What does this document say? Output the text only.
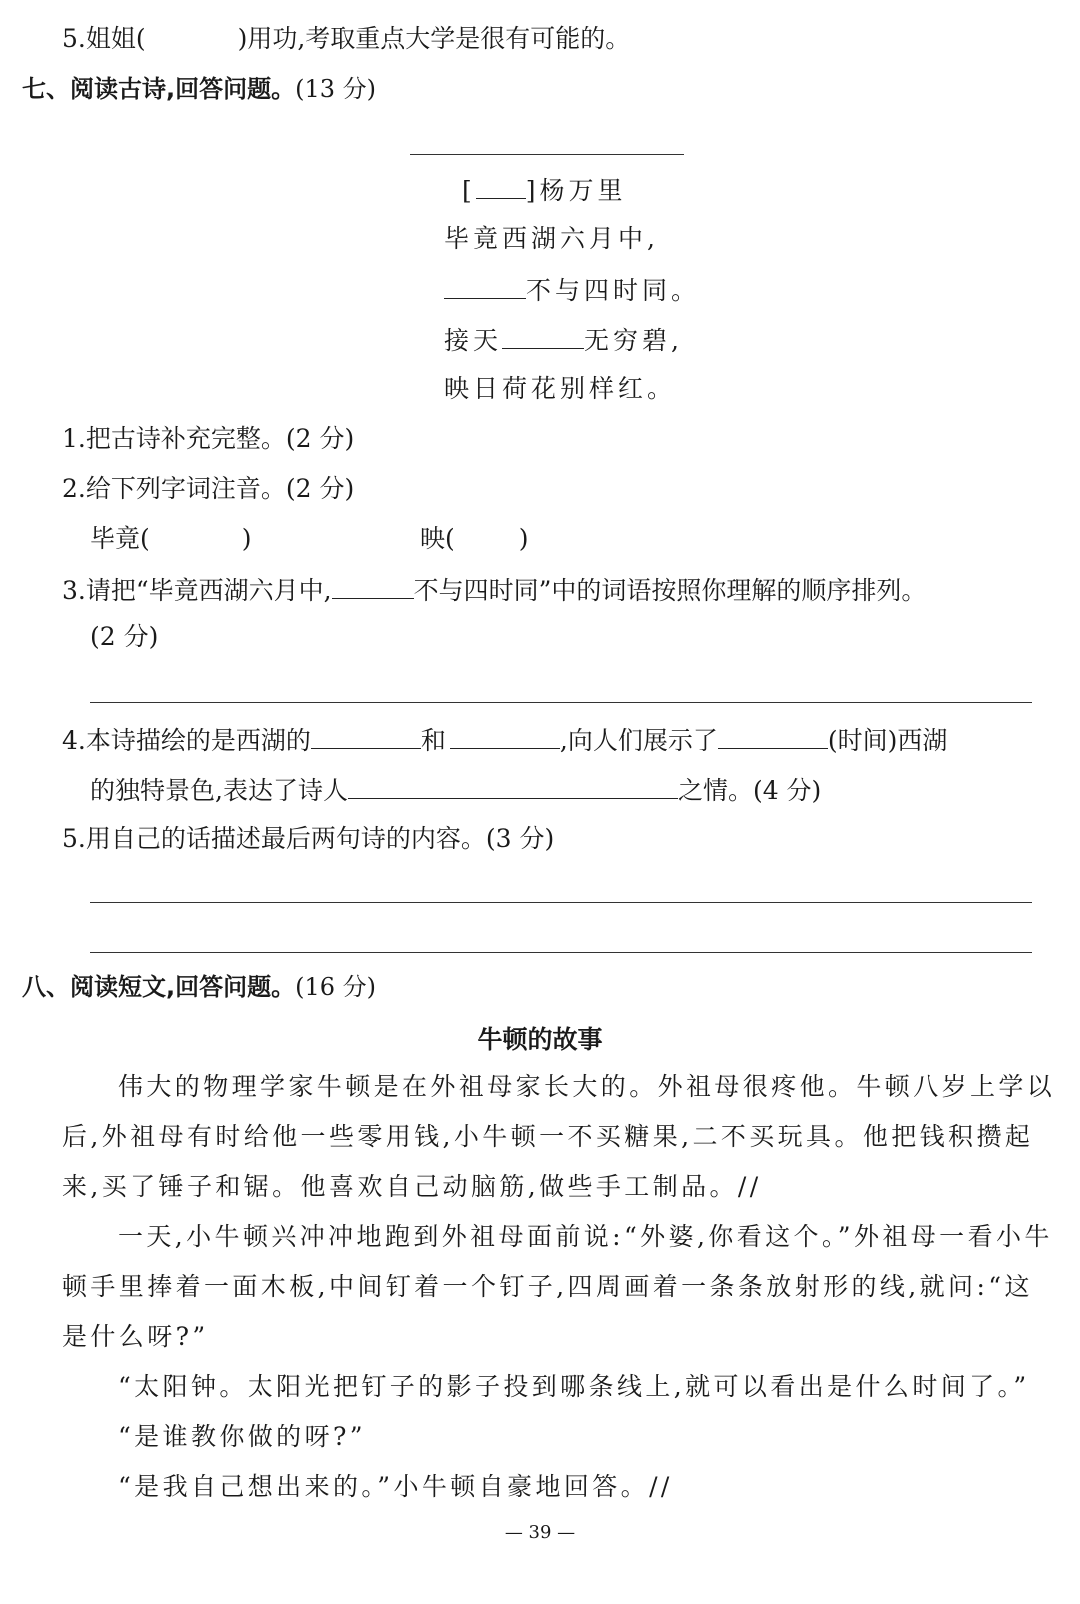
5.姐姐(	)用功,考取重点大学是很有可能的。
七、阅读古诗,回答问题。(13 分)
[ ]杨万里
毕竟西湖六月中,
不与四时同。
接天	无穷碧,
映日荷花别样红。
1.把古诗补充完整。(2 分)
2.给下列字词注音。(2 分)
毕竟(	)	映(	)
3.请把“毕竟西湖六月中,	不与四时同”中的词语按照你理解的顺序排列。
(2 分)
4.本诗描绘的是西湖的	和	,向人们展示了	(时间)西湖
的独特景色,表达了诗人	之情。(4 分)
5.用自己的话描述最后两句诗的内容。(3 分)
八、阅读短文,回答问题。(16 分)
牛顿的故事
伟大的物理学家牛顿是在外祖母家长大的。外祖母很疼他。牛顿八岁上学以
后,外祖母有时给他一些零用钱,小牛顿一不买糖果,二不买玩具。他把钱积攒起
来,买了锤子和锯。他喜欢自己动脑筋,做些手工制品。//
一天,小牛顿兴冲冲地跑到外祖母面前说:“外婆,你看这个。”外祖母一看小牛
顿手里捧着一面木板,中间钉着一个钉子,四周画着一条条放射形的线,就问:“这
是什么呀?”
“太阳钟。太阳光把钉子的影子投到哪条线上,就可以看出是什么时间了。”
“是谁教你做的呀?”
“是我自己想出来的。”小牛顿自豪地回答。//
— 39 —
